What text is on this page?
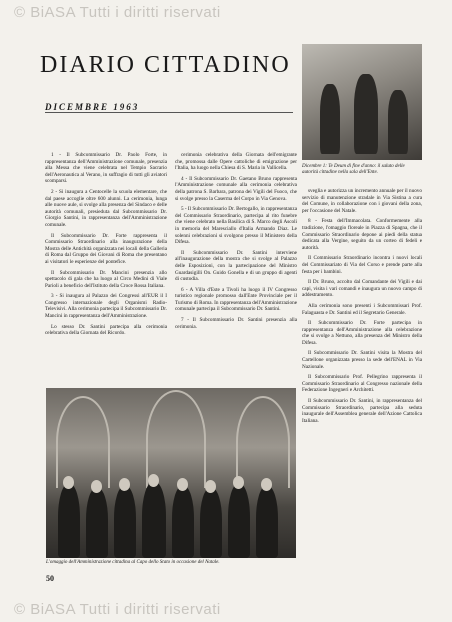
© BiASA Tutti i diritti riservati
© BiASA Tutti i diritti riservati
DIARIO CITTADINO
DICEMBRE 1963
Dicembre 1: Te Deum di fine d'anno: il saluto delle autorità cittadine nella sala dell'Ente.

1 - Il Subcommissario Dr. Paolo Forte, in rappresentanza dell'Amministrazione comunale, presenzia alla Messa che viene celebrata nel Tempio Sacrario dell'Aeronautica al Verano, in suffragio di tutti gli aviatori scomparsi.

2 - Si inaugura a Centocelle la scuola elementare, che dal paese accoglie oltre 600 alunni. La cerimonia, lunga alle nuove aule, si svolge alla presenza del Sindaco e delle autorità comunali, presieduta dal Subcommissario Dr. Giorgio Santini, in rappresentanza dell'Amministrazione comunale.

Il Subcommissario Dr. Forte rappresenta il Commissario Straordinario alla inaugurazione della Mostra delle Antichità organizzata nei locali della Galleria di Roma dal Gruppo dei Giovani di Roma che presentano ai visitatori le esperienze del pontefice.

Il Subcommissario Dr. Mancini presenzia allo spettacolo di gala che ha luogo al Circo Medini di Viale Parioli a beneficio dell'Istituto della Croce Rossa Italiana.

3 - Si inaugura al Palazzo dei Congressi all'EUR il I Congresso internazionale degli Organismi Radio-Televisivi. Alla cerimonia partecipa il Subcommissario Dr. Mancini in rappresentanza dell'Amministrazione.

Lo stesso Dr. Santini partecipa alla cerimonia celebrativa della Giornata del Ricordo.

cerimonia celebrativa della Giornata dell'emigrante che, promossa dalle Opere cattoliche di emigrazione per l'Italia, ha luogo nella Chiesa di S. Maria in Vallicella.

4 - Il Subcommissario Dr. Gaetano Bruno rappresenta l'Amministrazione comunale alla cerimonia celebrativa della patrona S. Barbara, patrona dei Vigili del Fuoco, che si svolge presso la Caserma del Corpo in Via Genova.

5 - Il Subcommissario Dr. Bertogallo, in rappresentanza del Commissario Straordinario, partecipa al rito funebre che viene celebrato nella Basilica di S. Marco degli Ascoli in memoria del Maresciallo d'Italia Armando Diaz. Le solenni celebrazioni si svolgono presso il Ministero della Difesa.

Il Subcommissario Dr. Santini interviene all'inaugurazione della mostra che si svolge al Palazzo delle Esposizioni, con la partecipazione del Ministro Guardasigilli On. Guido Gonella e di un gruppo di agenti di custodia.

6 - A Villa d'Este a Tivoli ha luogo il IV Congresso turistico regionale promosso dall'Ente Provinciale per il Turismo di Roma. In rappresentanza dell'Amministrazione comunale partecipa il Subcommissario Dr. Santini.

7 - Il Subcommissario Dr. Santini presenzia alla cerimonia.

sveglia e autorizza un incremento annuale per il nuovo servizio di manutenzione stradale in Via Sistina a cura del Comune, in collaborazione con i giovani della zona, per l'occasione del Natale.

8 - Festa dell'Immacolata. Conformemente alla tradizione, l'omaggio floreale in Piazza di Spagna, che il Commissario Straordinario depone ai piedi della statua dedicata alla Vergine, seguito da un corteo di fedeli e autorità.

Il Commissario Straordinario incontra i nuovi locali del Commissariato di Via del Corso e prende parte alla festa per i bambini.

Il Dr. Bruno, accolto dal Comandante dei Vigili e dai capi, visita i vari comandi e inaugura un nuovo campo di addestramento.

Alla cerimonia sono presenti i Subcommissari Prof. Falaguasta e Dr. Santini ed il Segretario Generale.

Il Subcommissario Dr. Forte partecipa in rappresentanza dell'Amministrazione alla celebrazione che si svolge a Nettuno, alla presenza del Ministro della Difesa.

Il Subcommissario Dr. Santini visita la Mostra del Cartellone organizzata presso la sede dell'ENAL in Via Nazionale.

Il Subcommissario Prof. Pellegrino rappresenta il Commissario Straordinario al Congresso nazionale della Federazione Ingegneri e Architetti.

Il Subcommissario Dr. Santini, in rappresentanza del Commissario Straordinario, partecipa alla seduta inaugurale dell'Assemblea generale dell'Azione Cattolica Italiana.

L'omaggio dell'Amministrazione cittadina al Capo dello Stato in occasione del Natale.
50
